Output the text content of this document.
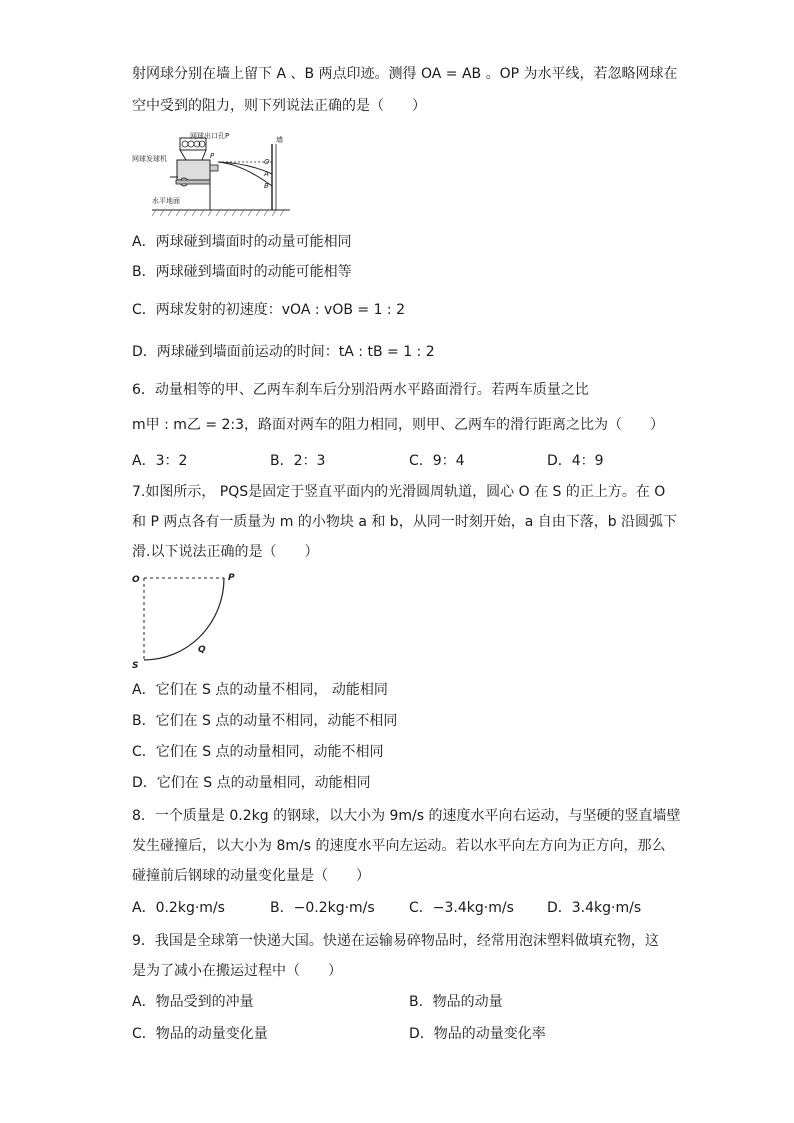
射网球分别在墙上留下 A 、B 两点印迹。测得 OA = AB 。OP 为水平线，若忽略网球在
空中受到的阻力，则下列说法正确的是（　　）
网球出口孔P	墙
网球发球机
水平地面
P
O
A
B
A．两球碰到墙面时的动量可能相同
B．两球碰到墙面时的动能可能相等
C．两球发射的初速度：vOA : vOB = 1 : 2
D．两球碰到墙面前运动的时间：tA : tB = 1 : 2
6．动量相等的甲、乙两车刹车后分别沿两水平路面滑行。若两车质量之比
m甲 : m乙 = 2:3，路面对两车的阻力相同，则甲、乙两车的滑行距离之比为（　　）
A．3：2	B．2：3	C．9：4	D．4：9
7.如图所示， PQS是固定于竖直平面内的光滑圆周轨道，圆心 O 在 S 的正上方。在 O
和 P 两点各有一质量为 m 的小物块 a 和 b，从同一时刻开始，a 自由下落，b 沿圆弧下
滑.以下说法正确的是（　　）
O	P
Q
S
A．它们在 S 点的动量不相同， 动能相同
B．它们在 S 点的动量不相同，动能不相同
C．它们在 S 点的动量相同，动能不相同
D．它们在 S 点的动量相同，动能相同
8．一个质量是 0.2kg 的钢球，以大小为 9m/s 的速度水平向右运动，与坚硬的竖直墙壁
发生碰撞后，以大小为 8m/s 的速度水平向左运动。若以水平向左方向为正方向，那么
碰撞前后钢球的动量变化量是（　　）
A．0.2kg·m/s	B．−0.2kg·m/s C．−3.4kg·m/s D．3.4kg·m/s
9．我国是全球第一快递大国。快递在运输易碎物品时，经常用泡沫塑料做填充物，这
是为了减小在搬运过程中（　　）
A．物品受到的冲量	B．物品的动量
C．物品的动量变化量	D．物品的动量变化率
